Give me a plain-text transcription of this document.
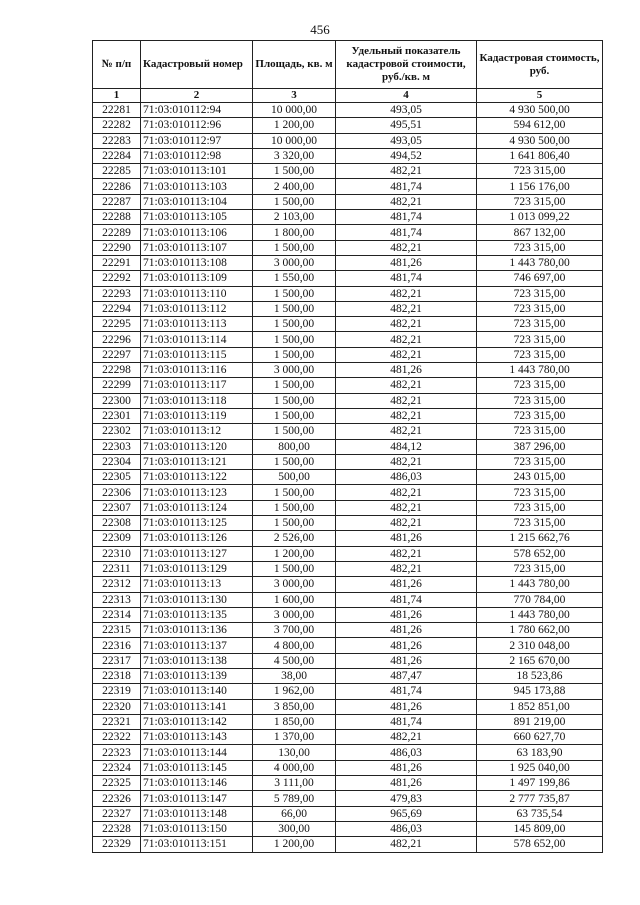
456
№ п/п	Кадастровый номер	Площадь, кв. м	Удельный показатель кадастровой стоимости, руб./кв. м	Кадастровая стоимость, руб.
1	2	3	4	5
22281	71:03:010112:94	10 000,00	493,05	4 930 500,00
22282	71:03:010112:96	1 200,00	495,51	594 612,00
22283	71:03:010112:97	10 000,00	493,05	4 930 500,00
22284	71:03:010112:98	3 320,00	494,52	1 641 806,40
22285	71:03:010113:101	1 500,00	482,21	723 315,00
22286	71:03:010113:103	2 400,00	481,74	1 156 176,00
22287	71:03:010113:104	1 500,00	482,21	723 315,00
22288	71:03:010113:105	2 103,00	481,74	1 013 099,22
22289	71:03:010113:106	1 800,00	481,74	867 132,00
22290	71:03:010113:107	1 500,00	482,21	723 315,00
22291	71:03:010113:108	3 000,00	481,26	1 443 780,00
22292	71:03:010113:109	1 550,00	481,74	746 697,00
22293	71:03:010113:110	1 500,00	482,21	723 315,00
22294	71:03:010113:112	1 500,00	482,21	723 315,00
22295	71:03:010113:113	1 500,00	482,21	723 315,00
22296	71:03:010113:114	1 500,00	482,21	723 315,00
22297	71:03:010113:115	1 500,00	482,21	723 315,00
22298	71:03:010113:116	3 000,00	481,26	1 443 780,00
22299	71:03:010113:117	1 500,00	482,21	723 315,00
22300	71:03:010113:118	1 500,00	482,21	723 315,00
22301	71:03:010113:119	1 500,00	482,21	723 315,00
22302	71:03:010113:12	1 500,00	482,21	723 315,00
22303	71:03:010113:120	800,00	484,12	387 296,00
22304	71:03:010113:121	1 500,00	482,21	723 315,00
22305	71:03:010113:122	500,00	486,03	243 015,00
22306	71:03:010113:123	1 500,00	482,21	723 315,00
22307	71:03:010113:124	1 500,00	482,21	723 315,00
22308	71:03:010113:125	1 500,00	482,21	723 315,00
22309	71:03:010113:126	2 526,00	481,26	1 215 662,76
22310	71:03:010113:127	1 200,00	482,21	578 652,00
22311	71:03:010113:129	1 500,00	482,21	723 315,00
22312	71:03:010113:13	3 000,00	481,26	1 443 780,00
22313	71:03:010113:130	1 600,00	481,74	770 784,00
22314	71:03:010113:135	3 000,00	481,26	1 443 780,00
22315	71:03:010113:136	3 700,00	481,26	1 780 662,00
22316	71:03:010113:137	4 800,00	481,26	2 310 048,00
22317	71:03:010113:138	4 500,00	481,26	2 165 670,00
22318	71:03:010113:139	38,00	487,47	18 523,86
22319	71:03:010113:140	1 962,00	481,74	945 173,88
22320	71:03:010113:141	3 850,00	481,26	1 852 851,00
22321	71:03:010113:142	1 850,00	481,74	891 219,00
22322	71:03:010113:143	1 370,00	482,21	660 627,70
22323	71:03:010113:144	130,00	486,03	63 183,90
22324	71:03:010113:145	4 000,00	481,26	1 925 040,00
22325	71:03:010113:146	3 111,00	481,26	1 497 199,86
22326	71:03:010113:147	5 789,00	479,83	2 777 735,87
22327	71:03:010113:148	66,00	965,69	63 735,54
22328	71:03:010113:150	300,00	486,03	145 809,00
22329	71:03:010113:151	1 200,00	482,21	578 652,00
